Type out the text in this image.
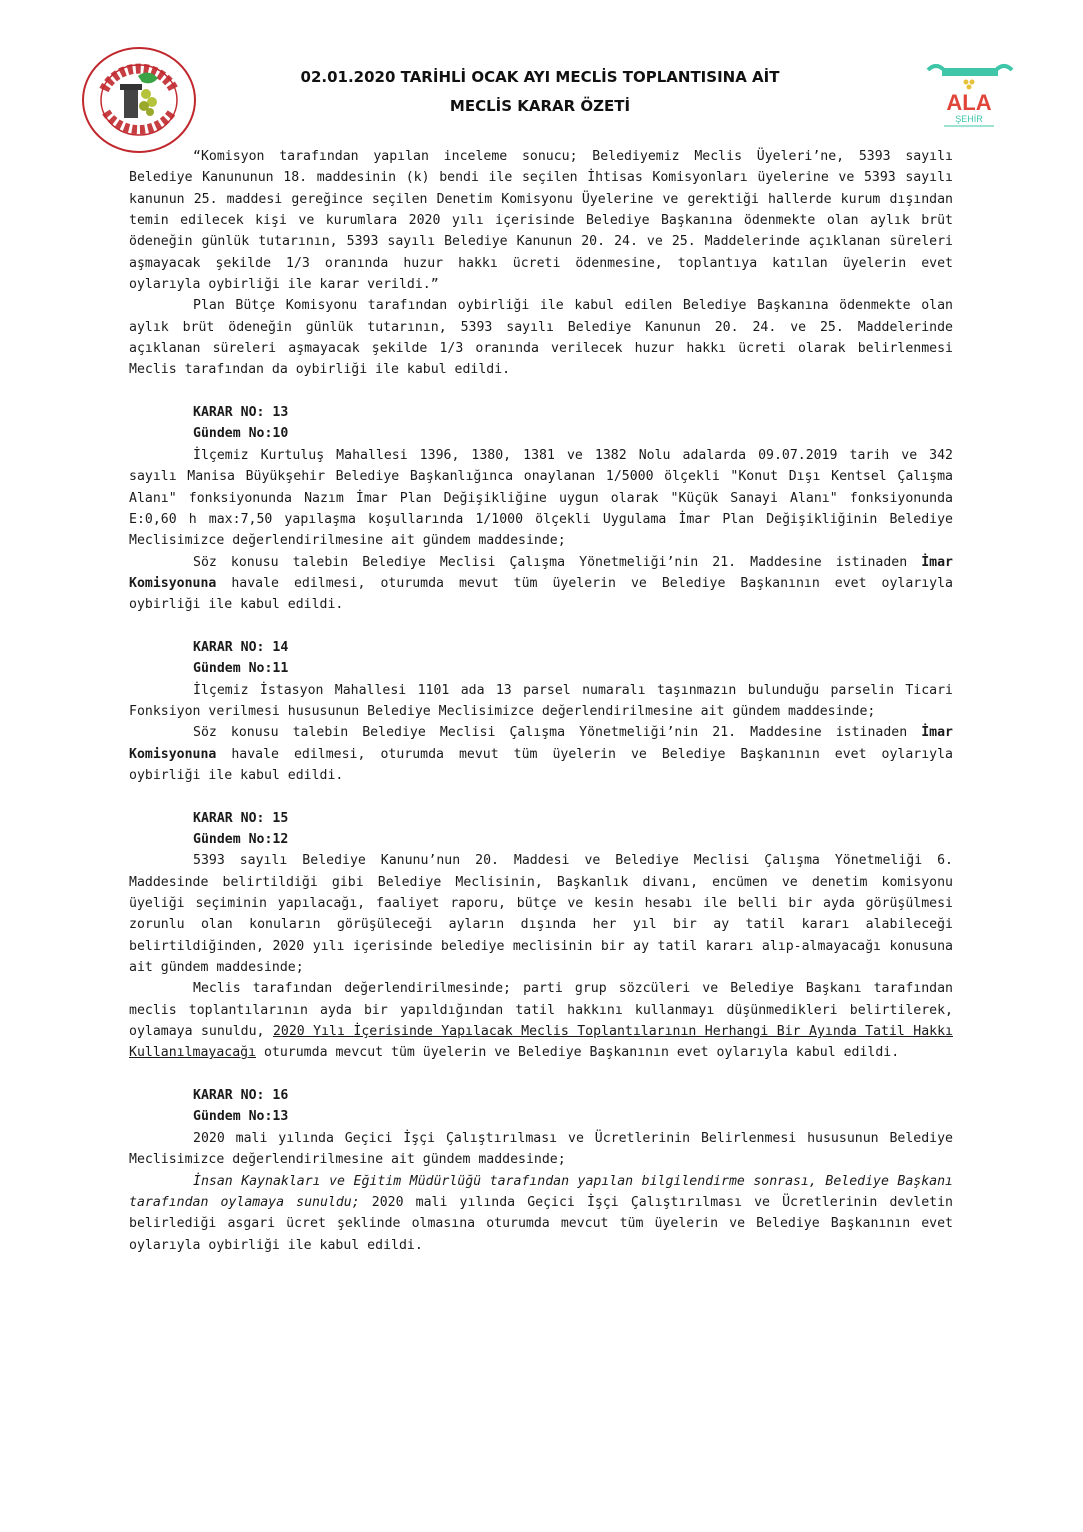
02.01.2020 TARİHLİ OCAK AYI MECLİS TOPLANTISINA AİT
MECLİS KARAR ÖZETİ	ALA
ŞEHİR

“Komisyon tarafından yapılan inceleme sonucu; Belediyemiz Meclis Üyeleri’ne, 5393 sayılı Belediye Kanununun 18. maddesinin (k) bendi ile seçilen İhtisas Komisyonları üyelerine ve 5393 sayılı kanunun 25. maddesi gereğince seçilen Denetim Komisyonu Üyelerine ve gerektiği hallerde kurum dışından temin edilecek kişi ve kurumlara 2020 yılı içerisinde Belediye Başkanına ödenmekte olan aylık brüt ödeneğin günlük tutarının, 5393 sayılı Belediye Kanunun 20. 24. ve 25. Maddelerinde açıklanan süreleri aşmayacak şekilde 1/3 oranında huzur hakkı ücreti ödenmesine, toplantıya katılan üyelerin evet oylarıyla oybirliği ile karar verildi.”

Plan Bütçe Komisyonu tarafından oybirliği ile kabul edilen Belediye Başkanına ödenmekte olan aylık brüt ödeneğin günlük tutarının, 5393 sayılı Belediye Kanunun 20. 24. ve 25. Maddelerinde açıklanan süreleri aşmayacak şekilde 1/3 oranında verilecek huzur hakkı ücreti olarak belirlenmesi Meclis tarafından da oybirliği ile kabul edildi.

KARAR NO: 13

Gündem No:10

İlçemiz Kurtuluş Mahallesi 1396, 1380, 1381 ve 1382 Nolu adalarda 09.07.2019 tarih ve 342 sayılı Manisa Büyükşehir Belediye Başkanlığınca onaylanan 1/5000 ölçekli "Konut Dışı Kentsel Çalışma Alanı" fonksiyonunda Nazım İmar Plan Değişikliğine uygun olarak "Küçük Sanayi Alanı" fonksiyonunda E:0,60 h max:7,50 yapılaşma koşullarında 1/1000 ölçekli Uygulama İmar Plan Değişikliğinin Belediye Meclisimizce değerlendirilmesine ait gündem maddesinde;

Söz konusu talebin Belediye Meclisi Çalışma Yönetmeliği’nin 21. Maddesine istinaden İmar Komisyonuna havale edilmesi, oturumda mevut tüm üyelerin ve Belediye Başkanının evet oylarıyla oybirliği ile kabul edildi.

KARAR NO: 14

Gündem No:11

İlçemiz İstasyon Mahallesi 1101 ada 13 parsel numaralı taşınmazın bulunduğu parselin Ticari Fonksiyon verilmesi hususunun Belediye Meclisimizce değerlendirilmesine ait gündem maddesinde;

Söz konusu talebin Belediye Meclisi Çalışma Yönetmeliği’nin 21. Maddesine istinaden İmar Komisyonuna havale edilmesi, oturumda mevut tüm üyelerin ve Belediye Başkanının evet oylarıyla oybirliği ile kabul edildi.

KARAR NO: 15

Gündem No:12

5393 sayılı Belediye Kanunu’nun 20. Maddesi ve Belediye Meclisi Çalışma Yönetmeliği 6. Maddesinde belirtildiği gibi Belediye Meclisinin, Başkanlık divanı, encümen ve denetim komisyonu üyeliği seçiminin yapılacağı, faaliyet raporu, bütçe ve kesin hesabı ile belli bir ayda görüşülmesi zorunlu olan konuların görüşüleceği ayların dışında her yıl bir ay tatil kararı alabileceği belirtildiğinden, 2020 yılı içerisinde belediye meclisinin bir ay tatil kararı alıp-almayacağı konusuna ait gündem maddesinde;

Meclis tarafından değerlendirilmesinde; parti grup sözcüleri ve Belediye Başkanı tarafından meclis toplantılarının ayda bir yapıldığından tatil hakkını kullanmayı düşünmedikleri belirtilerek, oylamaya sunuldu, 2020 Yılı İçerisinde Yapılacak Meclis Toplantılarının Herhangi Bir Ayında Tatil Hakkı Kullanılmayacağı oturumda mevcut tüm üyelerin ve Belediye Başkanının evet oylarıyla kabul edildi.

KARAR NO: 16

Gündem No:13

2020 mali yılında Geçici İşçi Çalıştırılması ve Ücretlerinin Belirlenmesi hususunun Belediye Meclisimizce değerlendirilmesine ait gündem maddesinde;

İnsan Kaynakları ve Eğitim Müdürlüğü tarafından yapılan bilgilendirme sonrası, Belediye Başkanı tarafından oylamaya sunuldu; 2020 mali yılında Geçici İşçi Çalıştırılması ve Ücretlerinin devletin belirlediği asgari ücret şeklinde olmasına oturumda mevcut tüm üyelerin ve Belediye Başkanının evet oylarıyla oybirliği ile kabul edildi.
